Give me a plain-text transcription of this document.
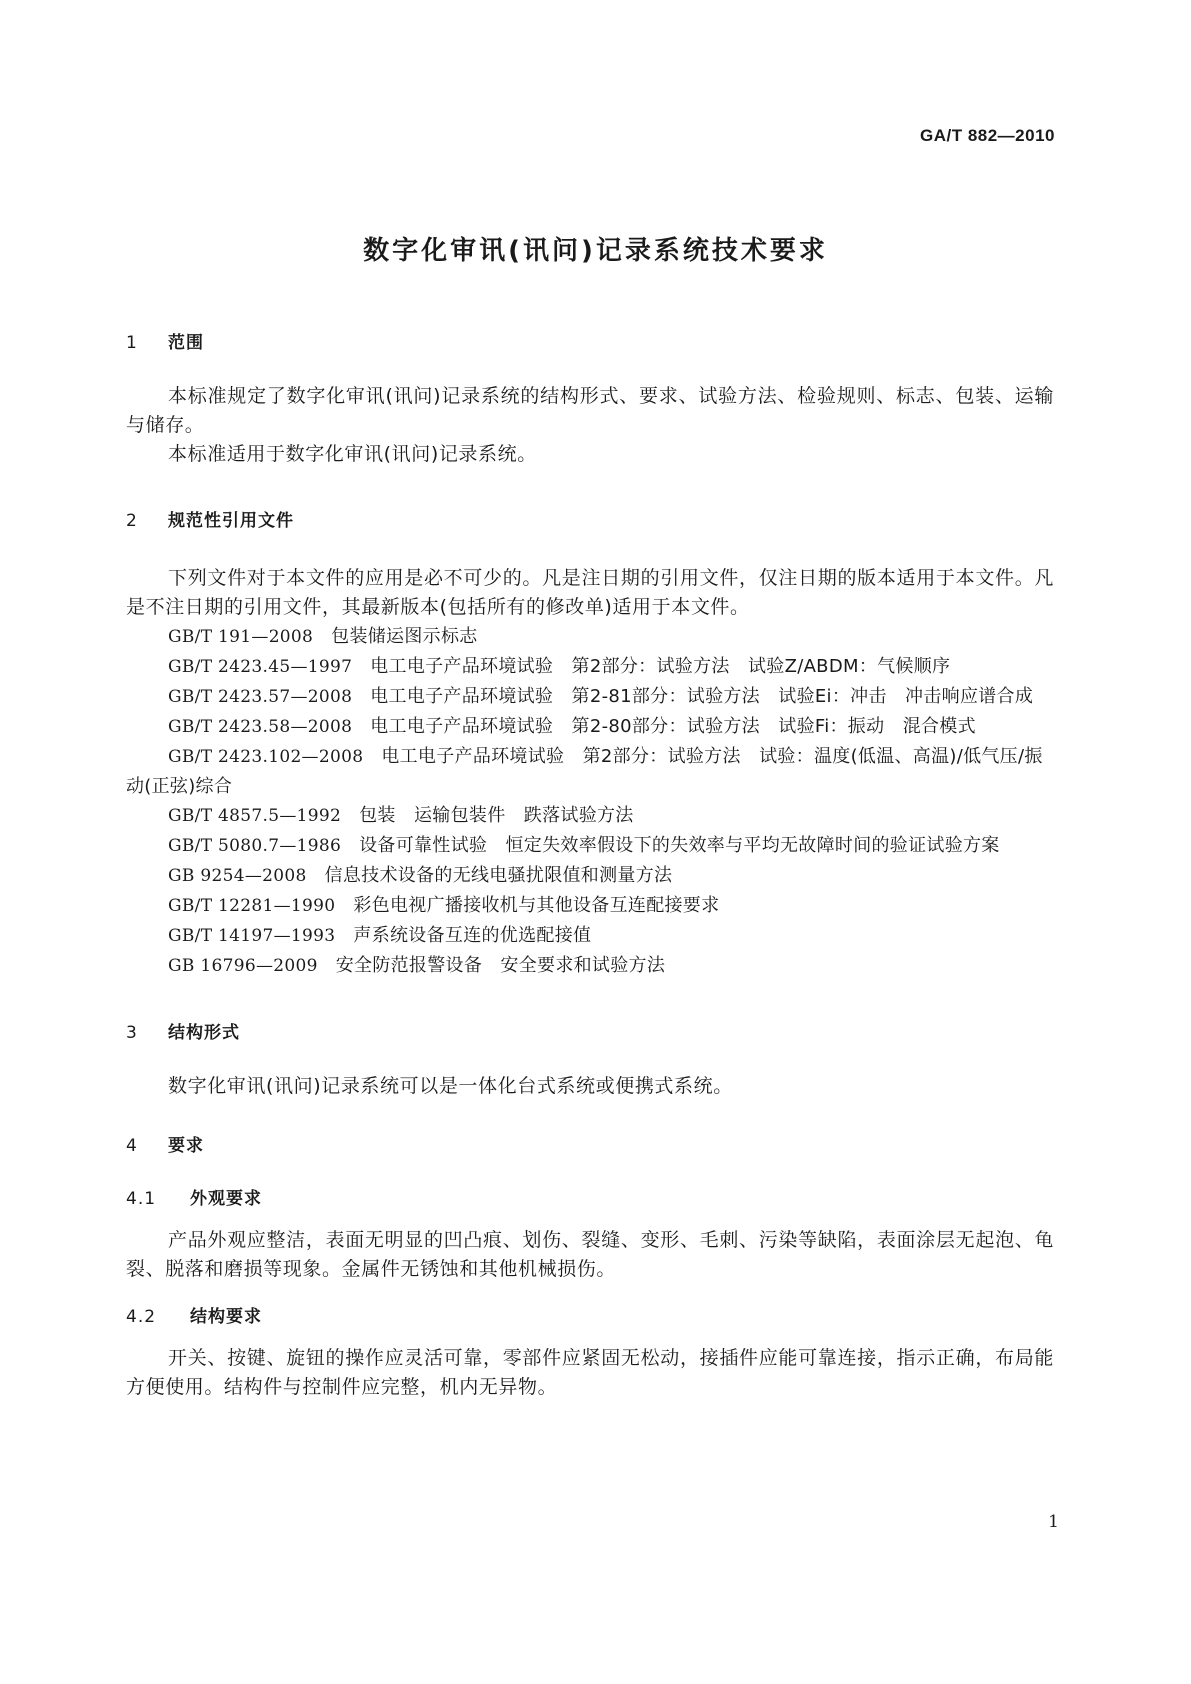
GA/T 882—2010
数字化审讯(讯问)记录系统技术要求
1 范围

本标准规定了数字化审讯(讯问)记录系统的结构形式、要求、试验方法、检验规则、标志、包装、运输与储存。

本标准适用于数字化审讯(讯问)记录系统。

2 规范性引用文件

下列文件对于本文件的应用是必不可少的。凡是注日期的引用文件，仅注日期的版本适用于本文件。凡是不注日期的引用文件，其最新版本(包括所有的修改单)适用于本文件。

GB/T 191—2008 包装储运图示标志

GB/T 2423.45—1997 电工电子产品环境试验　第2部分：试验方法　试验Z/ABDM：气候顺序

GB/T 2423.57—2008 电工电子产品环境试验　第2-81部分：试验方法　试验Ei：冲击　冲击响应谱合成

GB/T 2423.58—2008 电工电子产品环境试验　第2-80部分：试验方法　试验Fi：振动　混合模式

GB/T 2423.102—2008 电工电子产品环境试验　第2部分：试验方法　试验：温度(低温、高温)/低气压/振动(正弦)综合

GB/T 4857.5—1992 包装　运输包装件　跌落试验方法

GB/T 5080.7—1986 设备可靠性试验　恒定失效率假设下的失效率与平均无故障时间的验证试验方案

GB 9254—2008 信息技术设备的无线电骚扰限值和测量方法

GB/T 12281—1990 彩色电视广播接收机与其他设备互连配接要求

GB/T 14197—1993 声系统设备互连的优选配接值

GB 16796—2009 安全防范报警设备　安全要求和试验方法

3 结构形式

数字化审讯(讯问)记录系统可以是一体化台式系统或便携式系统。

4 要求
4.1 外观要求

产品外观应整洁，表面无明显的凹凸痕、划伤、裂缝、变形、毛刺、污染等缺陷，表面涂层无起泡、龟裂、脱落和磨损等现象。金属件无锈蚀和其他机械损伤。

4.2 结构要求

开关、按键、旋钮的操作应灵活可靠，零部件应紧固无松动，接插件应能可靠连接，指示正确，布局能方便使用。结构件与控制件应完整，机内无异物。

1
